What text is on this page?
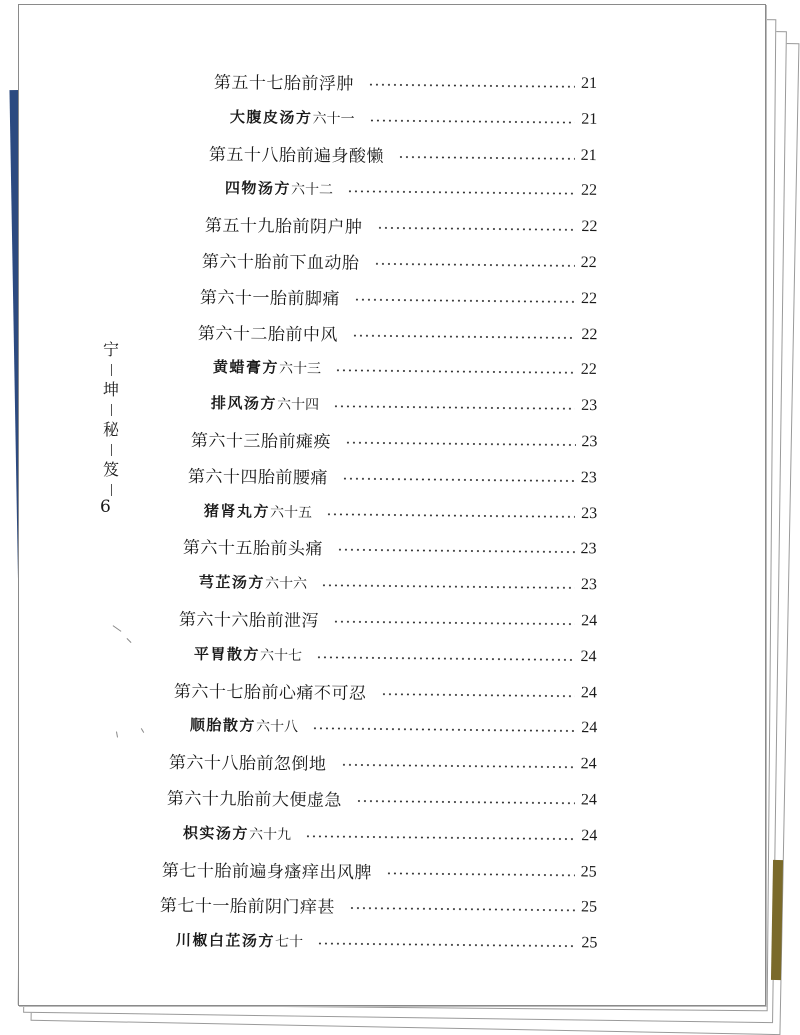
宁
坤
秘
笈
6
第五十七胎前浮肿	21
大腹皮汤方六十一	21
第五十八胎前遍身酸懒	21
四物汤方六十二	22
第五十九胎前阴户肿	22
第六十胎前下血动胎	22
第六十一胎前脚痛	22
第六十二胎前中风	22
黄蜡膏方六十三	22
排风汤方六十四	23
第六十三胎前瘫痪	23
第六十四胎前腰痛	23
猪肾丸方六十五	23
第六十五胎前头痛	23
芎芷汤方六十六	23
第六十六胎前泄泻	24
平胃散方六十七	24
第六十七胎前心痛不可忍	24
顺胎散方六十八	24
第六十八胎前忽倒地	24
第六十九胎前大便虚急	24
枳实汤方六十九	24
第七十胎前遍身瘙痒出风脾	25
第七十一胎前阴门痒甚	25
川椒白芷汤方七十	25
